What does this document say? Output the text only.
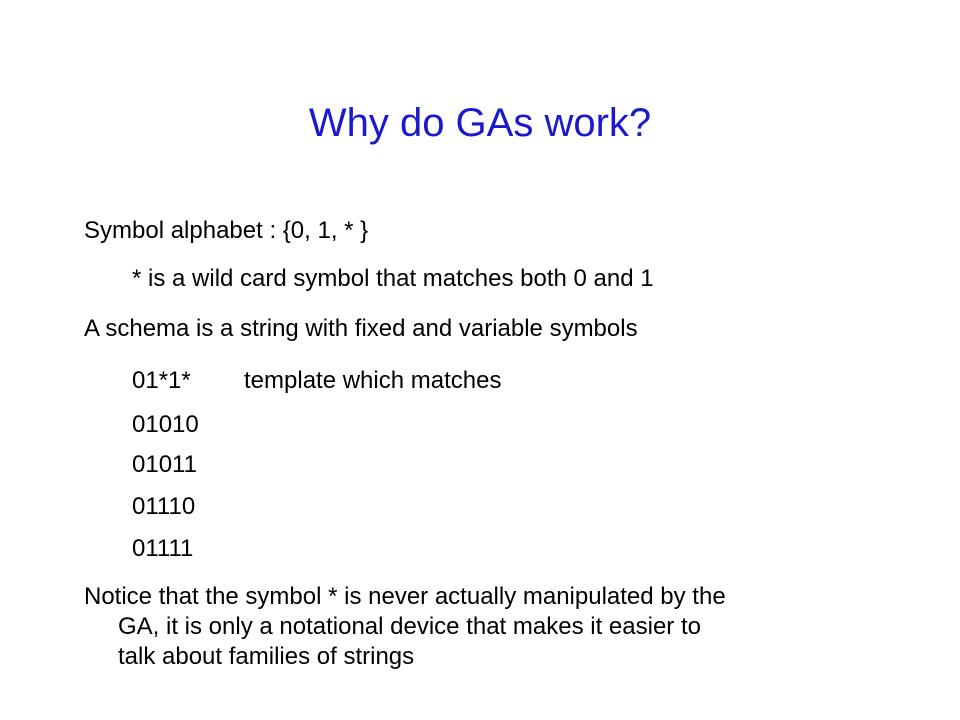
Why do GAs work?
Symbol alphabet : {0, 1, * }
* is a wild card symbol that matches both 0 and 1
A schema is a string with fixed and variable symbols
01*1* template which matches
01010
01011
01110
01111
Notice that the symbol * is never actually manipulated by the
GA, it is only a notational device that makes it easier to
talk about families of strings
